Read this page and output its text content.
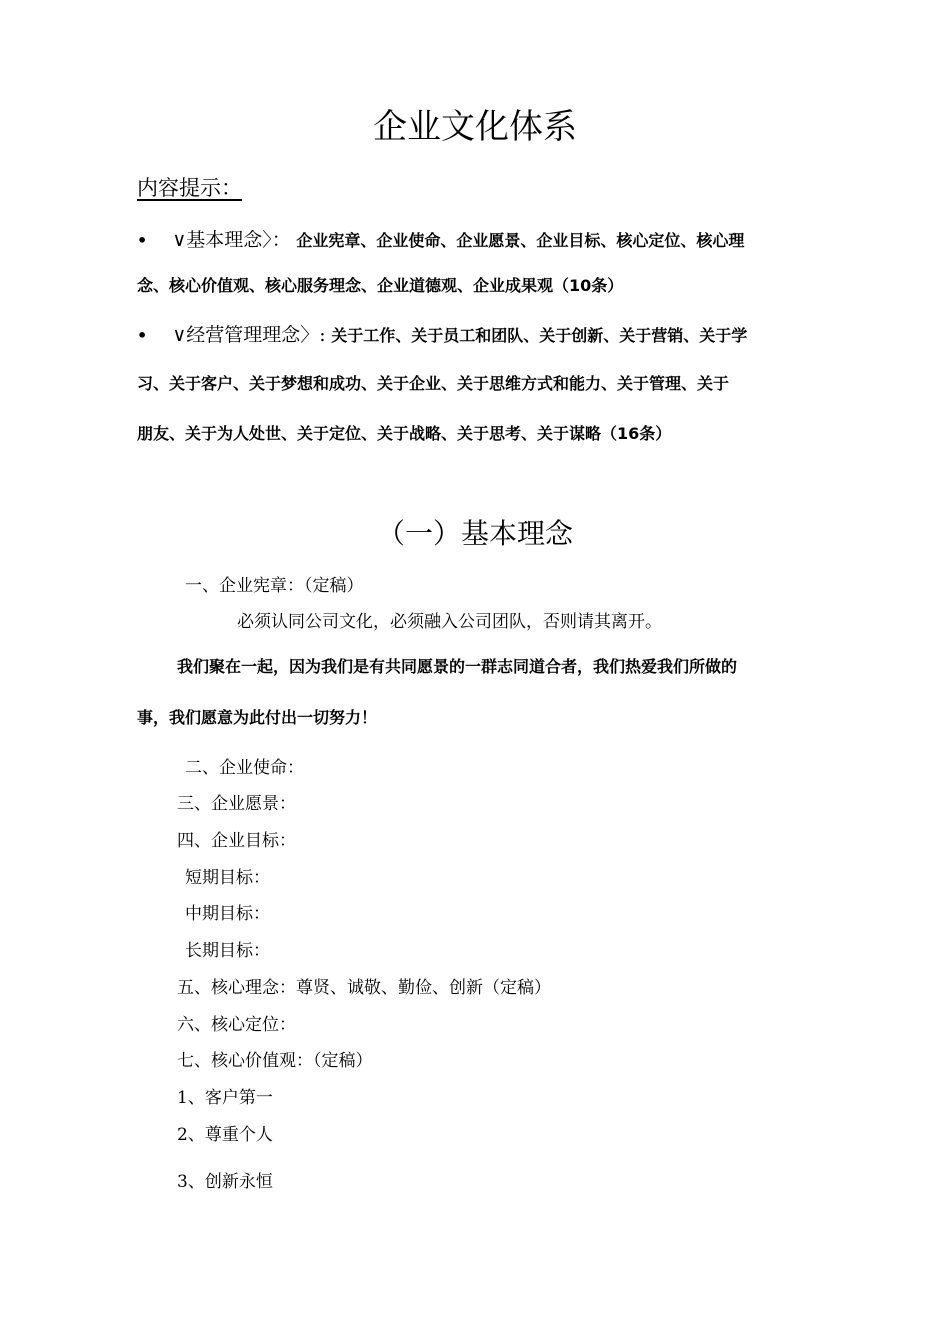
企业文化体系
内容提示：
• ∨基本理念〉： 企业宪章、企业使命、企业愿景、企业目标、核心定位、核心理
念、核心价值观、核心服务理念、企业道德观、企业成果观（10条）
• ∨经营管理理念〉: 关于工作、关于员工和团队、关于创新、关于营销、关于学
习、关于客户、关于梦想和成功、关于企业、关于思维方式和能力、关于管理、关于
朋友、关于为人处世、关于定位、关于战略、关于思考、关于谋略（16条）
（一）基本理念
一、企业宪章：（定稿）
必须认同公司文化，必须融入公司团队，否则请其离开。
我们聚在一起，因为我们是有共同愿景的一群志同道合者，我们热爱我们所做的
事，我们愿意为此付出一切努力！
二、企业使命：
三、企业愿景：
四、企业目标：
短期目标：
中期目标：
长期目标：
五、核心理念：尊贤、诚敬、勤俭、创新（定稿）
六、核心定位：
七、核心价值观：（定稿）
1、客户第一
2、尊重个人
3、创新永恒
